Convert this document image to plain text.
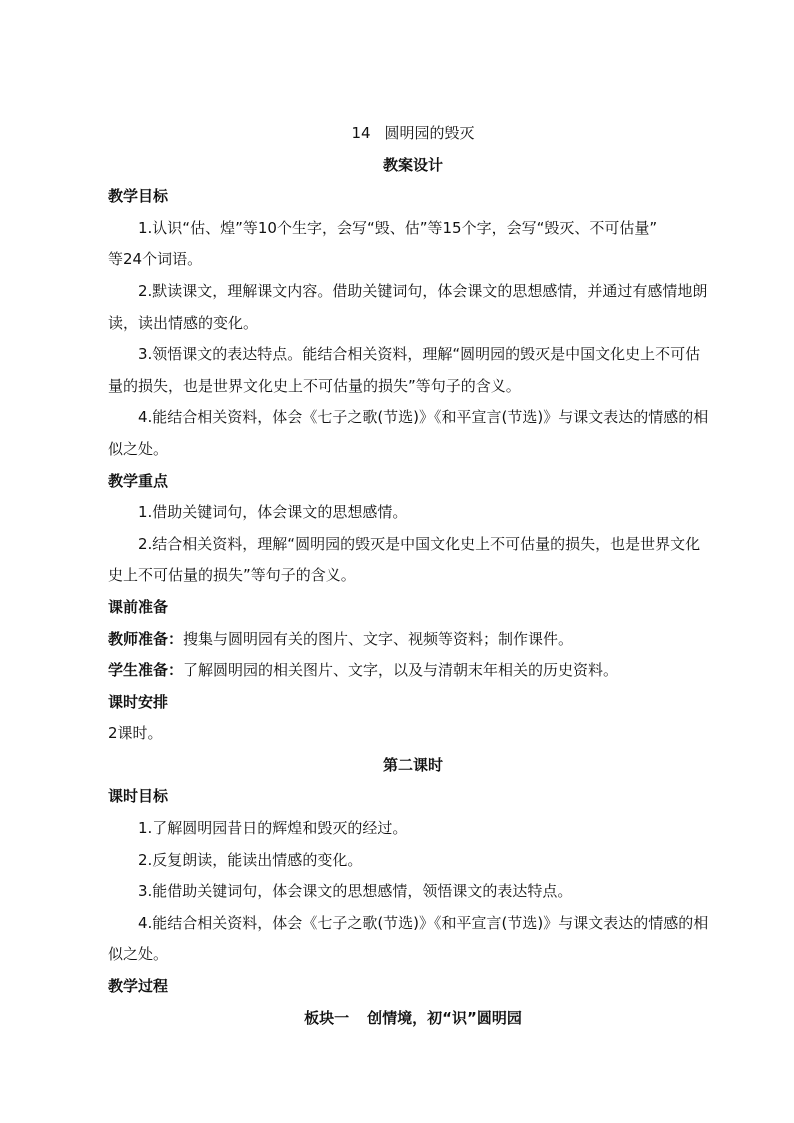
14 圆明园的毁灭
教案设计
教学目标
1.认识“估、煌”等10个生字，会写“毁、估”等15个字，会写“毁灭、不可估量”
等24个词语。
2.默读课文，理解课文内容。借助关键词句，体会课文的思想感情，并通过有感情地朗
读，读出情感的变化。
3.领悟课文的表达特点。能结合相关资料，理解“圆明园的毁灭是中国文化史上不可估
量的损失，也是世界文化史上不可估量的损失”等句子的含义。
4.能结合相关资料，体会《七子之歌(节选)》《和平宣言(节选)》与课文表达的情感的相
似之处。
教学重点
1.借助关键词句，体会课文的思想感情。
2.结合相关资料，理解“圆明园的毁灭是中国文化史上不可估量的损失，也是世界文化
史上不可估量的损失”等句子的含义。
课前准备
教师准备：搜集与圆明园有关的图片、文字、视频等资料；制作课件。
学生准备：了解圆明园的相关图片、文字，以及与清朝末年相关的历史资料。
课时安排
2课时。
第二课时
课时目标
1.了解圆明园昔日的辉煌和毁灭的经过。
2.反复朗读，能读出情感的变化。
3.能借助关键词句，体会课文的思想感情，领悟课文的表达特点。
4.能结合相关资料，体会《七子之歌(节选)》《和平宣言(节选)》与课文表达的情感的相
似之处。
教学过程
板块一 创情境，初“识”圆明园
